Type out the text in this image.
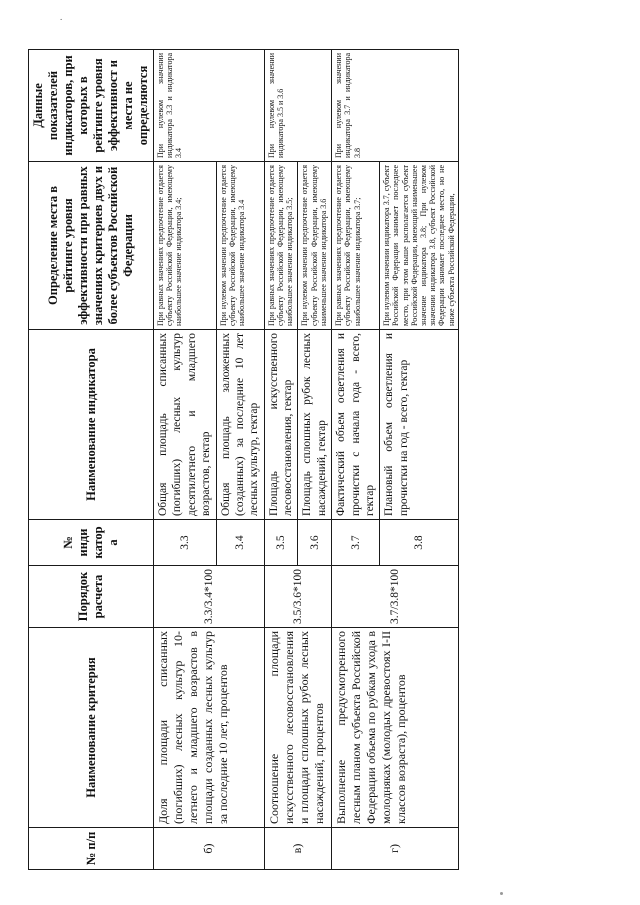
.
№ п/п	Наименование критерия	Порядок расчета	№ инди катор а	Наименование индикатора	Определение места в рейтинге уровня эффективности при равных значениях критериев двух и более субъектов Российской Федерации	Данные показателей индикаторов, при которых в рейтинге уровня эффективност и места не определяются
б)	Доля площади списанных (погибших) лесных культур 10-летнего и младшего возрастов в площади созданных лесных культур за последние 10 лет, процентов	3.3/3.4*100	3.3	Общая площадь списанных (погибших) лесных культур десятилетнего и младшего возрастов, гектар	При равных значениях предпочтение отдается субъекту Российской Федерации, имеющему наибольшее значение индикатора 3.4;	При нулевом значении индикатора 3.3 и индикатора 3.4
			3.4	Общая площадь заложенных (созданных) за последние 10 лет лесных культур, гектар	При нулевом значении предпочтение отдается субъекту Российской Федерации, имеющему наибольшее значение индикатора 3.4	
в)	Соотношение площади искусственного лесовосстановления и площади сплошных рубок лесных насаждений, процентов	3.5/3.6*100	3.5	Площадь искусственного лесовосстановления, гектар	При равных значениях предпочтение отдается субъекту Российской Федерации, имеющему наибольшее значение индикатора 3.5;	При нулевом значении индикатора 3.5 и 3.6
			3.6	Площадь сплошных рубок лесных насаждений, гектар	При нулевом значении предпочтение отдается субъекту Российской Федерации, имеющему наименьшее значение индикатора 3.6	
г)	Выполнение предусмотренного лесным планом субъекта Российской Федерации объема по рубкам ухода в молодняках (молодых древостоях I-II классов возраста), процентов	3.7/3.8*100	3.7	Фактический объем осветления и прочистки с начала года - всего, гектар	При равных значениях предпочтение отдается субъекту Российской Федерации, имеющему наибольшее значение индикатора 3.7;	При нулевом значении индикатора 3.7 и индикатора 3.8
			3.8	Плановый объем осветления и прочистки на год - всего, гектар	При нулевом значении индикатора 3.7, субъект Российской Федерации занимает последнее место, при этом выше располагается субъект Российской Федерации, имеющий наименьшее значение индикатора 3.8; При нулевом значении индикатора 3.8, субъект Российской Федерации занимает последнее место, но не ниже субъекта Российской Федерации,	
